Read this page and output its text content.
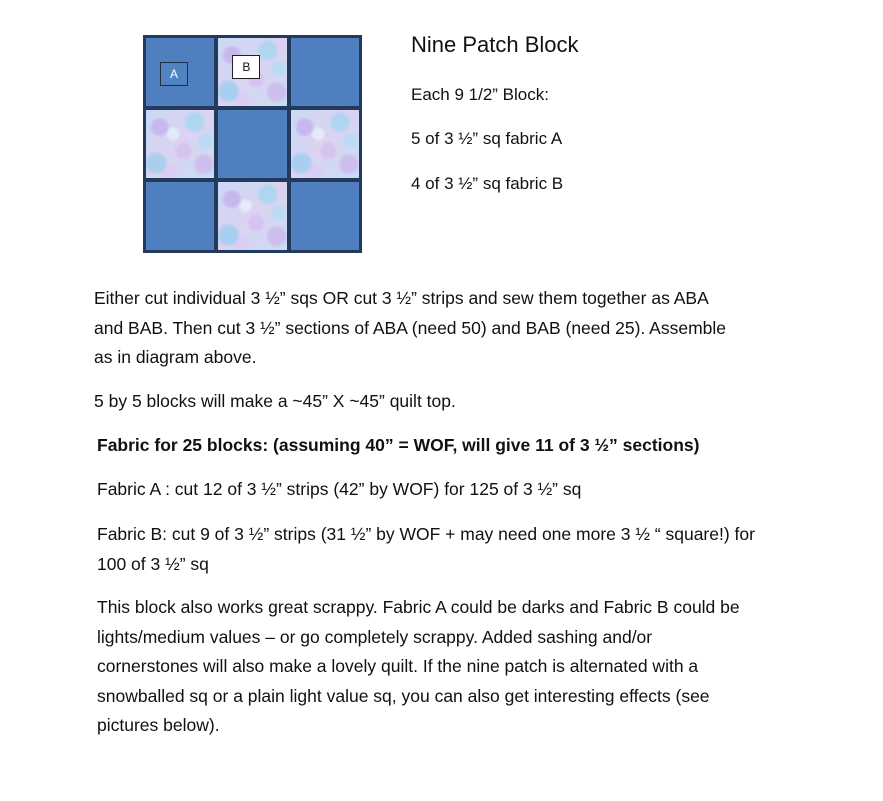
A	B
Nine Patch Block

Each 9 1/2” Block:

5 of 3 ½” sq fabric A

4 of 3 ½” sq fabric B

Either cut individual 3 ½” sqs OR cut 3 ½” strips and sew them together as ABA
and BAB. Then cut 3 ½” sections of ABA (need 50) and BAB (need 25). Assemble
as in diagram above.

5 by 5 blocks will make a ~45” X ~45” quilt top.

Fabric for 25 blocks: (assuming 40” = WOF, will give 11 of 3 ½” sections)

Fabric A : cut 12 of 3 ½” strips (42” by WOF) for 125 of 3 ½” sq

Fabric B: cut 9 of 3 ½” strips (31 ½” by WOF + may need one more 3 ½ “ square!) for
100 of 3 ½” sq

This block also works great scrappy. Fabric A could be darks and Fabric B could be
lights/medium values – or go completely scrappy. Added sashing and/or
cornerstones will also make a lovely quilt. If the nine patch is alternated with a
snowballed sq or a plain light value sq, you can also get interesting effects (see
pictures below).
